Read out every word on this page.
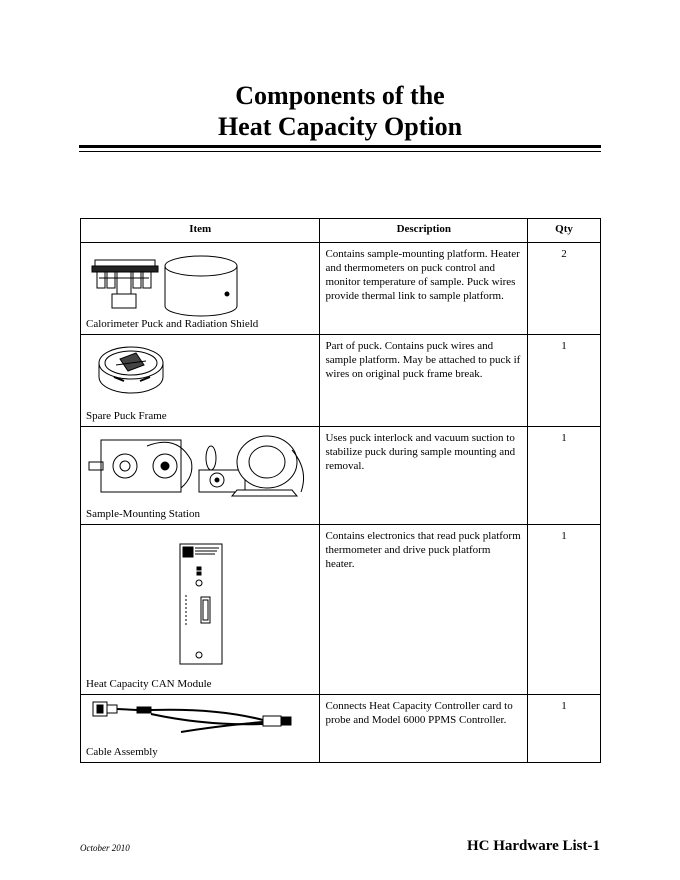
Components of the
Heat Capacity Option
Item	Description	Qty

Calorimeter Puck and Radiation Shield	Contains sample-mounting platform. Heater and thermometers on puck control and monitor temperature of sample. Puck wires provide thermal link to sample platform.	2

Spare Puck Frame	Part of puck. Contains puck wires and sample platform. May be attached to puck if wires on original puck frame break.	1

Sample-Mounting Station	Uses puck interlock and vacuum suction to stabilize puck during sample mounting and removal.	1

Heat Capacity CAN Module	Contains electronics that read puck platform thermometer and drive puck platform heater.	1

Cable Assembly	Connects Heat Capacity Controller card to probe and Model 6000 PPMS Controller.	1
October 2010	HC Hardware List-1
